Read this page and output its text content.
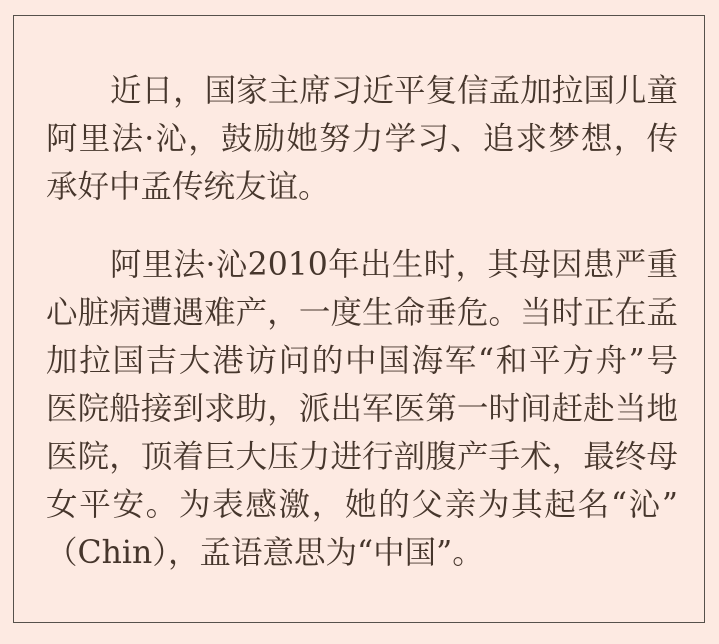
近日，国家主席习近平复信孟加拉国儿童
阿里法·沁，鼓励她努力学习、追求梦想，传
承好中孟传统友谊。
阿里法·沁2010年出生时，其母因患严重
心脏病遭遇难产，一度生命垂危。当时正在孟
加拉国吉大港访问的中国海军“和平方舟”号
医院船接到求助，派出军医第一时间赶赴当地
医院，顶着巨大压力进行剖腹产手术，最终母
女平安。为表感激，她的父亲为其起名“沁”
（Chin），孟语意思为“中国”。
